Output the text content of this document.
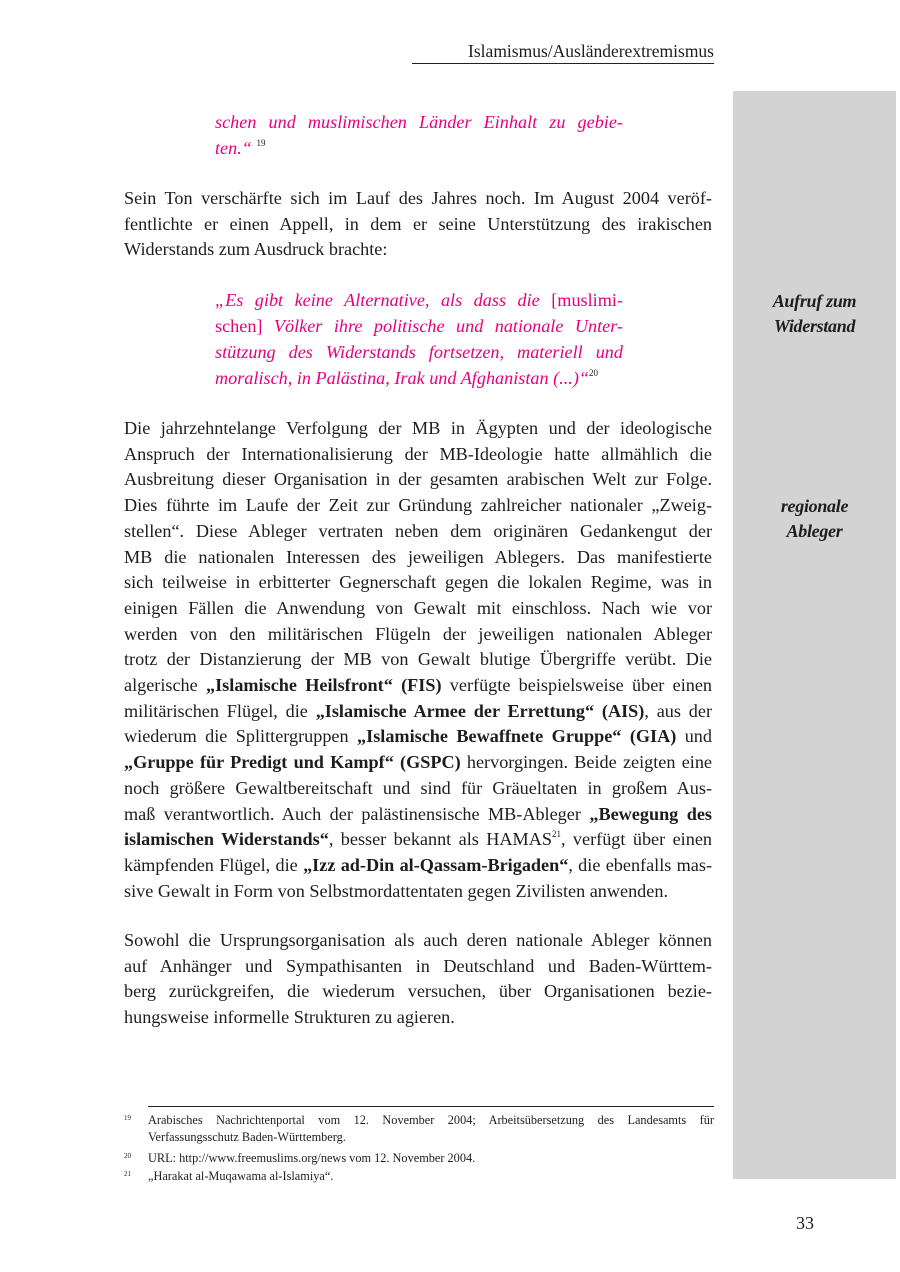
Islamismus/Ausländerextremismus
schen und muslimischen Länder Einhalt zu gebie-
ten.“ $^{19}$
Sein Ton verschärfte sich im Lauf des Jahres noch. Im August 2004 veröf-
fentlichte er einen Appell, in dem er seine Unterstützung des irakischen
Widerstands zum Ausdruck brachte:
„Es gibt keine Alternative, als dass die [muslimi-
schen] Völker ihre politische und nationale Unter-
stützung des Widerstands fortsetzen, materiell und
moralisch, in Palästina, Irak und Afghanistan (...)“$^{20}$
Aufruf zum
Widerstand
regionale
Ableger
Die jahrzehntelange Verfolgung der MB in Ägypten und der ideologische
Anspruch der Internationalisierung der MB-Ideologie hatte allmählich die
Ausbreitung dieser Organisation in der gesamten arabischen Welt zur Folge.
Dies führte im Laufe der Zeit zur Gründung zahlreicher nationaler „Zweig-
stellen“. Diese Ableger vertraten neben dem originären Gedankengut der
MB die nationalen Interessen des jeweiligen Ablegers. Das manifestierte
sich teilweise in erbitterter Gegnerschaft gegen die lokalen Regime, was in
einigen Fällen die Anwendung von Gewalt mit einschloss. Nach wie vor
werden von den militärischen Flügeln der jeweiligen nationalen Ableger
trotz der Distanzierung der MB von Gewalt blutige Übergriffe verübt. Die
algerische „Islamische Heilsfront“ (FIS) verfügte beispielsweise über einen
militärischen Flügel, die „Islamische Armee der Errettung“ (AIS), aus der
wiederum die Splittergruppen „Islamische Bewaffnete Gruppe“ (GIA) und
„Gruppe für Predigt und Kampf“ (GSPC) hervorgingen. Beide zeigten eine
noch größere Gewaltbereitschaft und sind für Gräueltaten in großem Aus-
maß verantwortlich. Auch der palästinensische MB-Ableger „Bewegung des
islamischen Widerstands“, besser bekannt als HAMAS$^{21}$, verfügt über einen
kämpfenden Flügel, die „Izz ad-Din al-Qassam-Brigaden“, die ebenfalls mas-
sive Gewalt in Form von Selbstmordattentaten gegen Zivilisten anwenden.
Sowohl die Ursprungsorganisation als auch deren nationale Ableger können
auf Anhänger und Sympathisanten in Deutschland und Baden-Württem-
berg zurückgreifen, die wiederum versuchen, über Organisationen bezie-
hungsweise informelle Strukturen zu agieren.
19 Arabisches Nachrichtenportal vom 12. November 2004; Arbeitsübersetzung des Landesamts für Verfassungsschutz Baden-Württemberg.
20 URL: http://www.freemuslims.org/news vom 12. November 2004.
21 „Harakat al-Muqawama al-Islamiya“.
33
